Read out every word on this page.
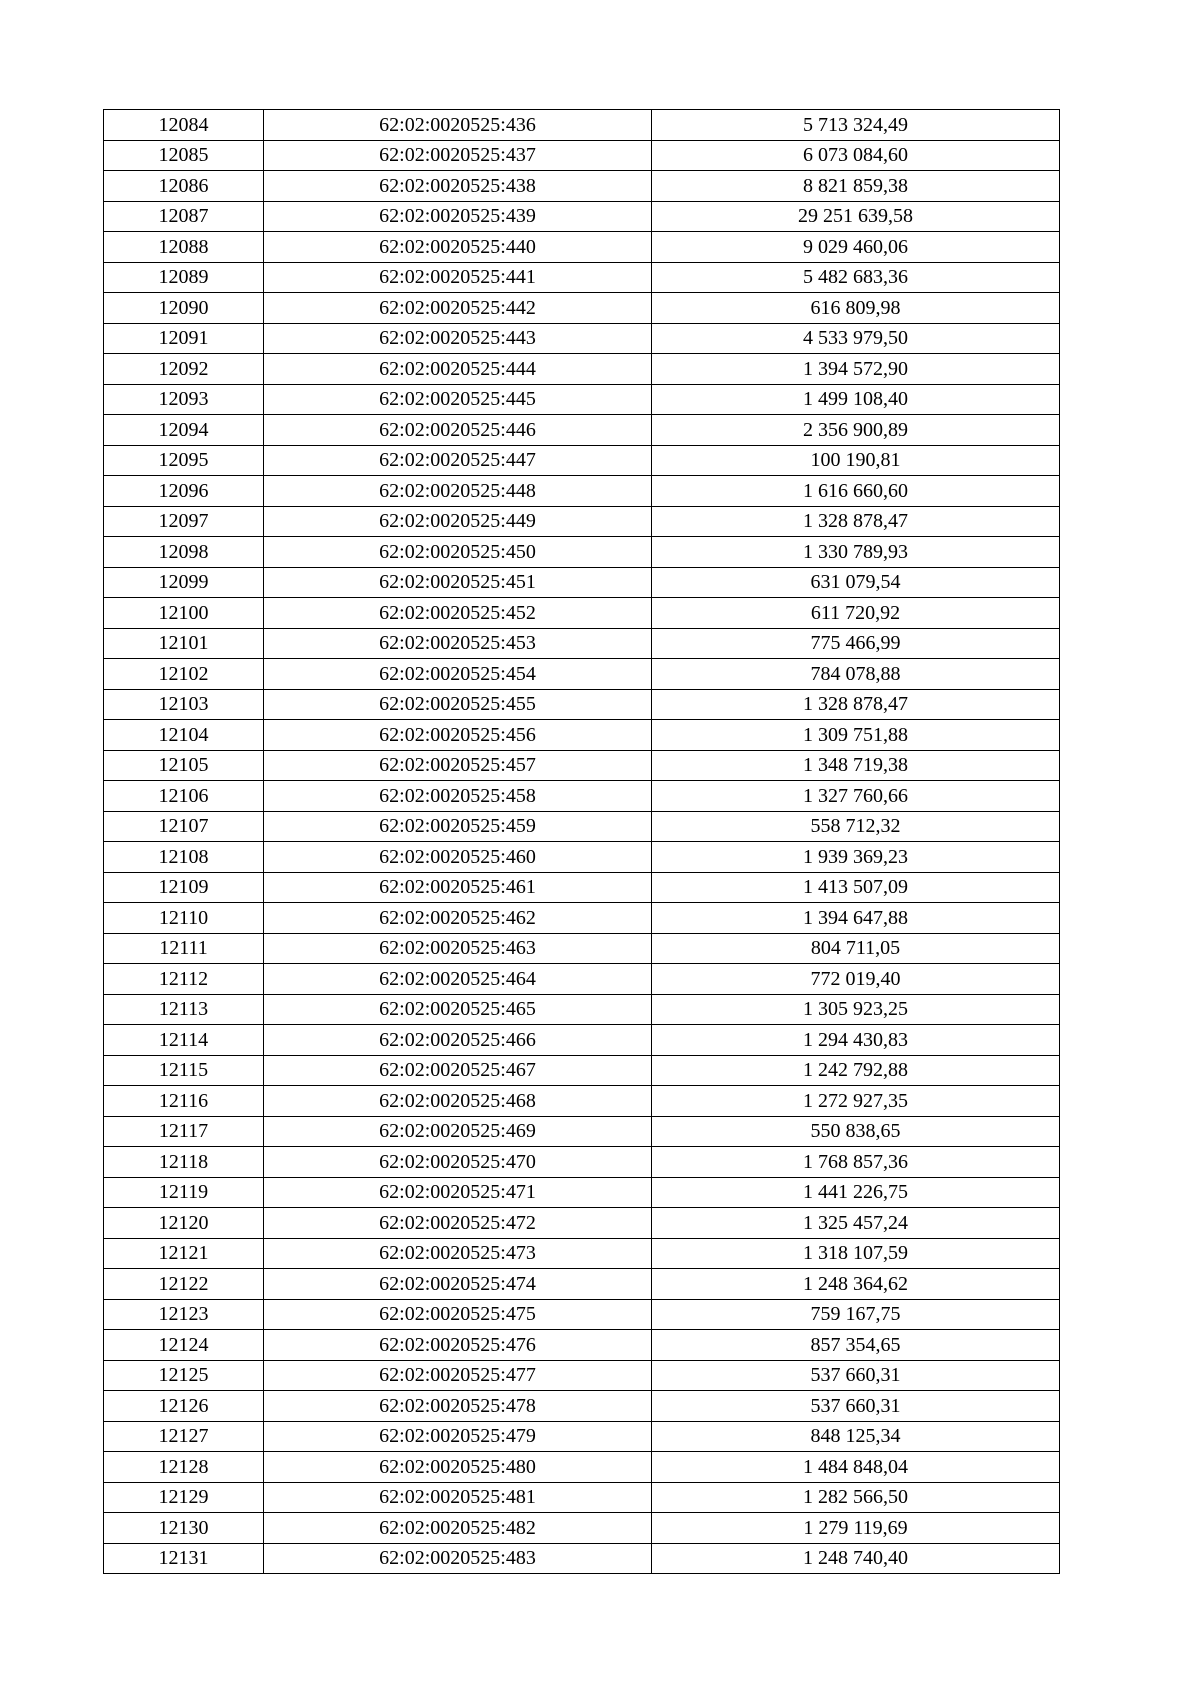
12084	62:02:0020525:436	5 713 324,49
12085	62:02:0020525:437	6 073 084,60
12086	62:02:0020525:438	8 821 859,38
12087	62:02:0020525:439	29 251 639,58
12088	62:02:0020525:440	9 029 460,06
12089	62:02:0020525:441	5 482 683,36
12090	62:02:0020525:442	616 809,98
12091	62:02:0020525:443	4 533 979,50
12092	62:02:0020525:444	1 394 572,90
12093	62:02:0020525:445	1 499 108,40
12094	62:02:0020525:446	2 356 900,89
12095	62:02:0020525:447	100 190,81
12096	62:02:0020525:448	1 616 660,60
12097	62:02:0020525:449	1 328 878,47
12098	62:02:0020525:450	1 330 789,93
12099	62:02:0020525:451	631 079,54
12100	62:02:0020525:452	611 720,92
12101	62:02:0020525:453	775 466,99
12102	62:02:0020525:454	784 078,88
12103	62:02:0020525:455	1 328 878,47
12104	62:02:0020525:456	1 309 751,88
12105	62:02:0020525:457	1 348 719,38
12106	62:02:0020525:458	1 327 760,66
12107	62:02:0020525:459	558 712,32
12108	62:02:0020525:460	1 939 369,23
12109	62:02:0020525:461	1 413 507,09
12110	62:02:0020525:462	1 394 647,88
12111	62:02:0020525:463	804 711,05
12112	62:02:0020525:464	772 019,40
12113	62:02:0020525:465	1 305 923,25
12114	62:02:0020525:466	1 294 430,83
12115	62:02:0020525:467	1 242 792,88
12116	62:02:0020525:468	1 272 927,35
12117	62:02:0020525:469	550 838,65
12118	62:02:0020525:470	1 768 857,36
12119	62:02:0020525:471	1 441 226,75
12120	62:02:0020525:472	1 325 457,24
12121	62:02:0020525:473	1 318 107,59
12122	62:02:0020525:474	1 248 364,62
12123	62:02:0020525:475	759 167,75
12124	62:02:0020525:476	857 354,65
12125	62:02:0020525:477	537 660,31
12126	62:02:0020525:478	537 660,31
12127	62:02:0020525:479	848 125,34
12128	62:02:0020525:480	1 484 848,04
12129	62:02:0020525:481	1 282 566,50
12130	62:02:0020525:482	1 279 119,69
12131	62:02:0020525:483	1 248 740,40
